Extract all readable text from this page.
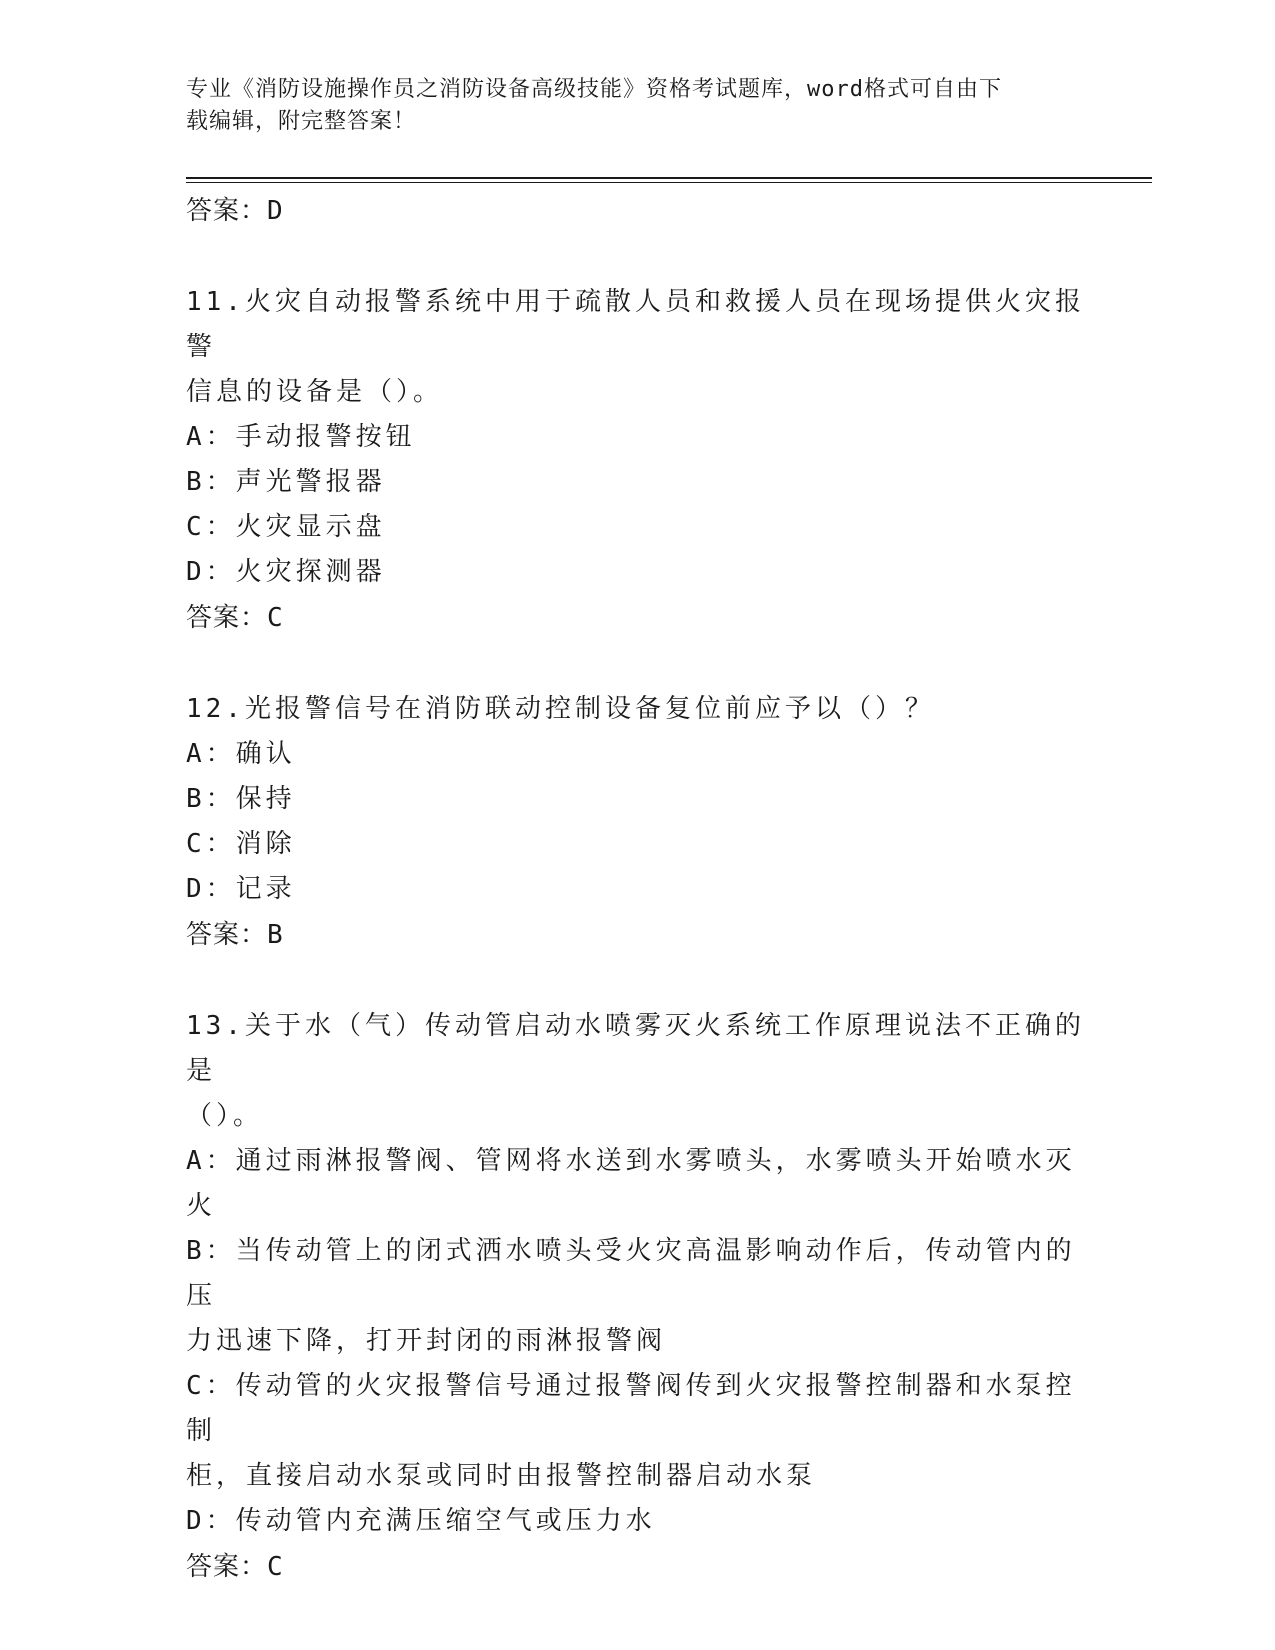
专业《消防设施操作员之消防设备高级技能》资格考试题库，word格式可自由下
载编辑，附完整答案！

答案：D

11.火灾自动报警系统中用于疏散人员和救援人员在现场提供火灾报警

信息的设备是（）。

A：手动报警按钮

B：声光警报器

C：火灾显示盘

D：火灾探测器

答案：C

12.光报警信号在消防联动控制设备复位前应予以（）？

A：确认

B：保持

C：消除

D：记录

答案：B

13.关于水（气）传动管启动水喷雾灭火系统工作原理说法不正确的是

（）。

A：通过雨淋报警阀、管网将水送到水雾喷头，水雾喷头开始喷水灭火

B：当传动管上的闭式洒水喷头受火灾高温影响动作后，传动管内的压

力迅速下降，打开封闭的雨淋报警阀

C：传动管的火灾报警信号通过报警阀传到火灾报警控制器和水泵控制

柜，直接启动水泵或同时由报警控制器启动水泵

D：传动管内充满压缩空气或压力水

答案：C
